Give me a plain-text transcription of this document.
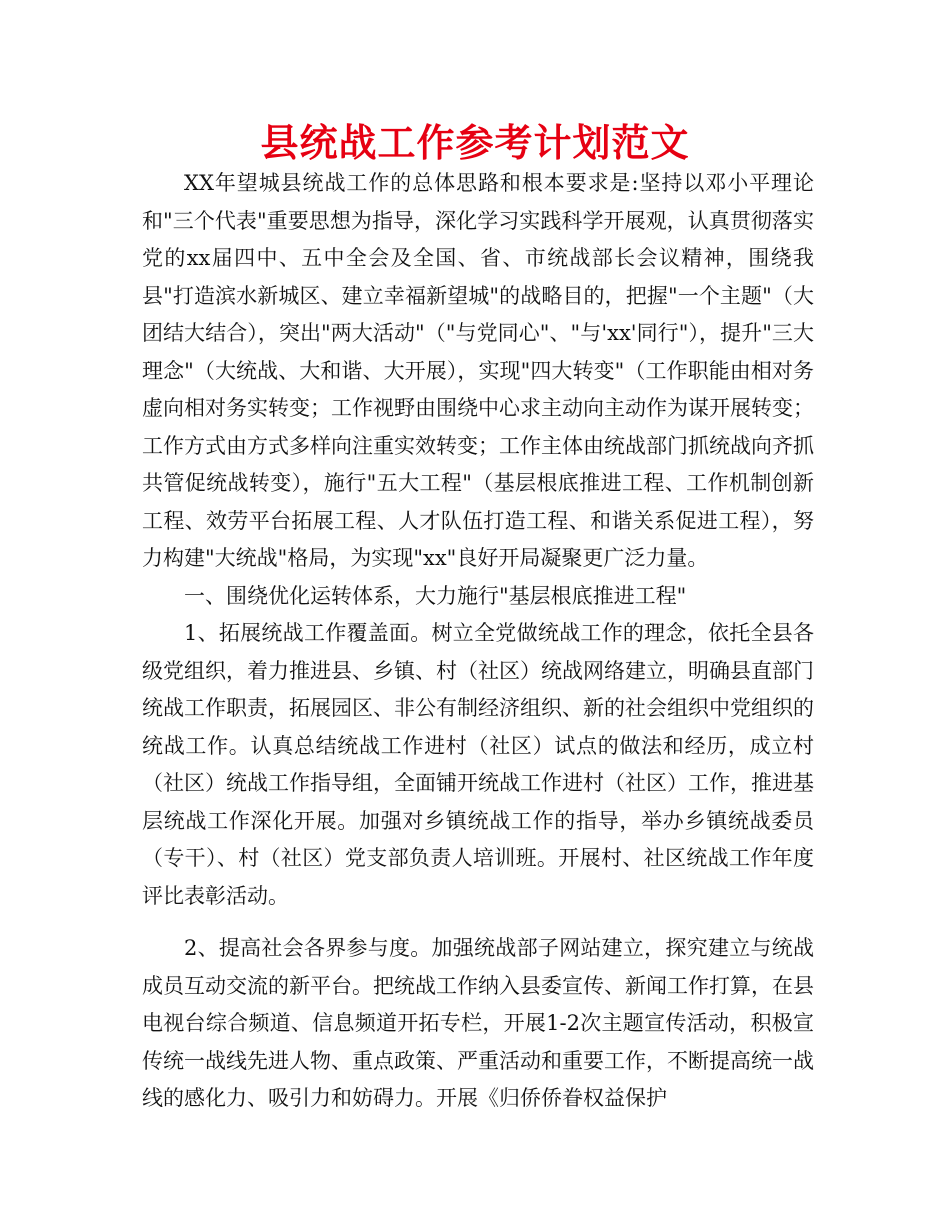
县统战工作参考计划范文

XX年望城县统战工作的总体思路和根本要求是:坚持以邓小平理论和"三个代表"重要思想为指导，深化学习实践科学开展观，认真贯彻落实党的xx届四中、五中全会及全国、省、市统战部长会议精神，围绕我县"打造滨水新城区、建立幸福新望城"的战略目的，把握"一个主题"（大团结大结合），突出"两大活动"（"与党同心"、"与'xx'同行"），提升"三大理念"（大统战、大和谐、大开展），实现"四大转变"（工作职能由相对务虚向相对务实转变；工作视野由围绕中心求主动向主动作为谋开展转变；工作方式由方式多样向注重实效转变；工作主体由统战部门抓统战向齐抓共管促统战转变），施行"五大工程"（基层根底推进工程、工作机制创新工程、效劳平台拓展工程、人才队伍打造工程、和谐关系促进工程），努力构建"大统战"格局，为实现"xx"良好开局凝聚更广泛力量。

一、围绕优化运转体系，大力施行"基层根底推进工程"

1、拓展统战工作覆盖面。树立全党做统战工作的理念，依托全县各级党组织，着力推进县、乡镇、村（社区）统战网络建立，明确县直部门统战工作职责，拓展园区、非公有制经济组织、新的社会组织中党组织的统战工作。认真总结统战工作进村（社区）试点的做法和经历，成立村（社区）统战工作指导组，全面铺开统战工作进村（社区）工作，推进基层统战工作深化开展。加强对乡镇统战工作的指导，举办乡镇统战委员（专干）、村（社区）党支部负责人培训班。开展村、社区统战工作年度评比表彰活动。

2、提高社会各界参与度。加强统战部子网站建立，探究建立与统战成员互动交流的新平台。把统战工作纳入县委宣传、新闻工作打算，在县电视台综合频道、信息频道开拓专栏，开展1-2次主题宣传活动，积极宣传统一战线先进人物、重点政策、严重活动和重要工作，不断提高统一战线的感化力、吸引力和妨碍力。开展《归侨侨眷权益保护
